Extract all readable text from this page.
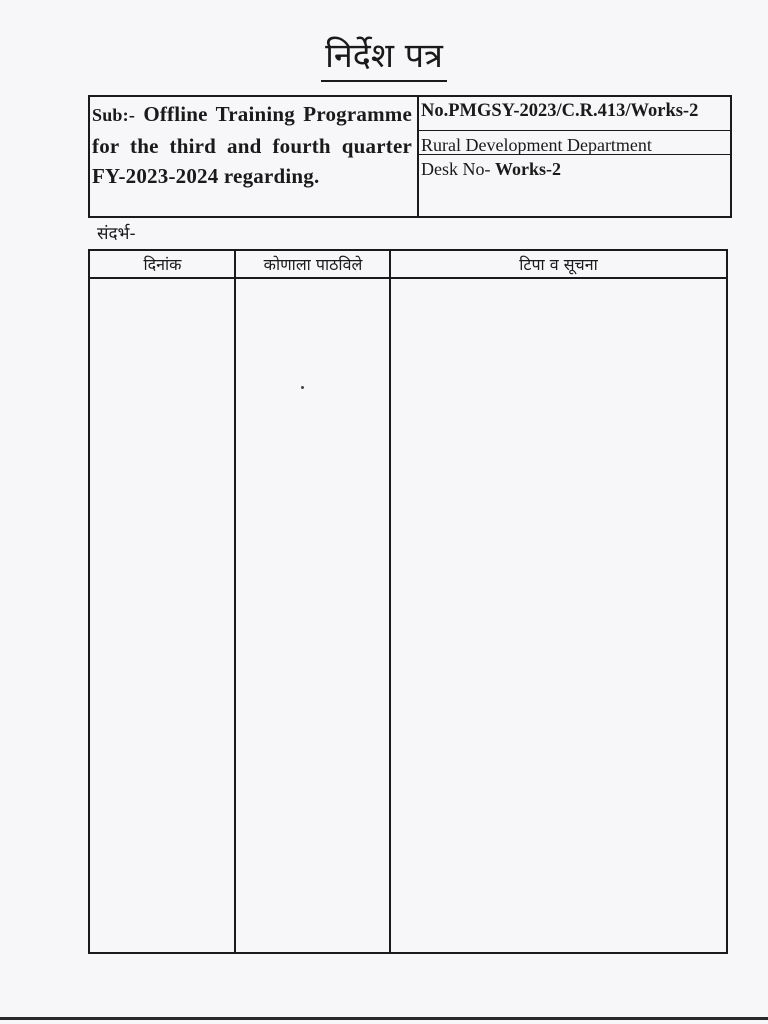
निर्देश पत्र
Sub:- Offline Training Programme for the third and fourth quarter FY-2023-2024 regarding.
No.PMGSY-2023/C.R.413/Works-2
Rural Development Department
Desk No- Works-2
संदर्भ-
दिनांक	कोणाला पाठविले	टिपा व सूचना
